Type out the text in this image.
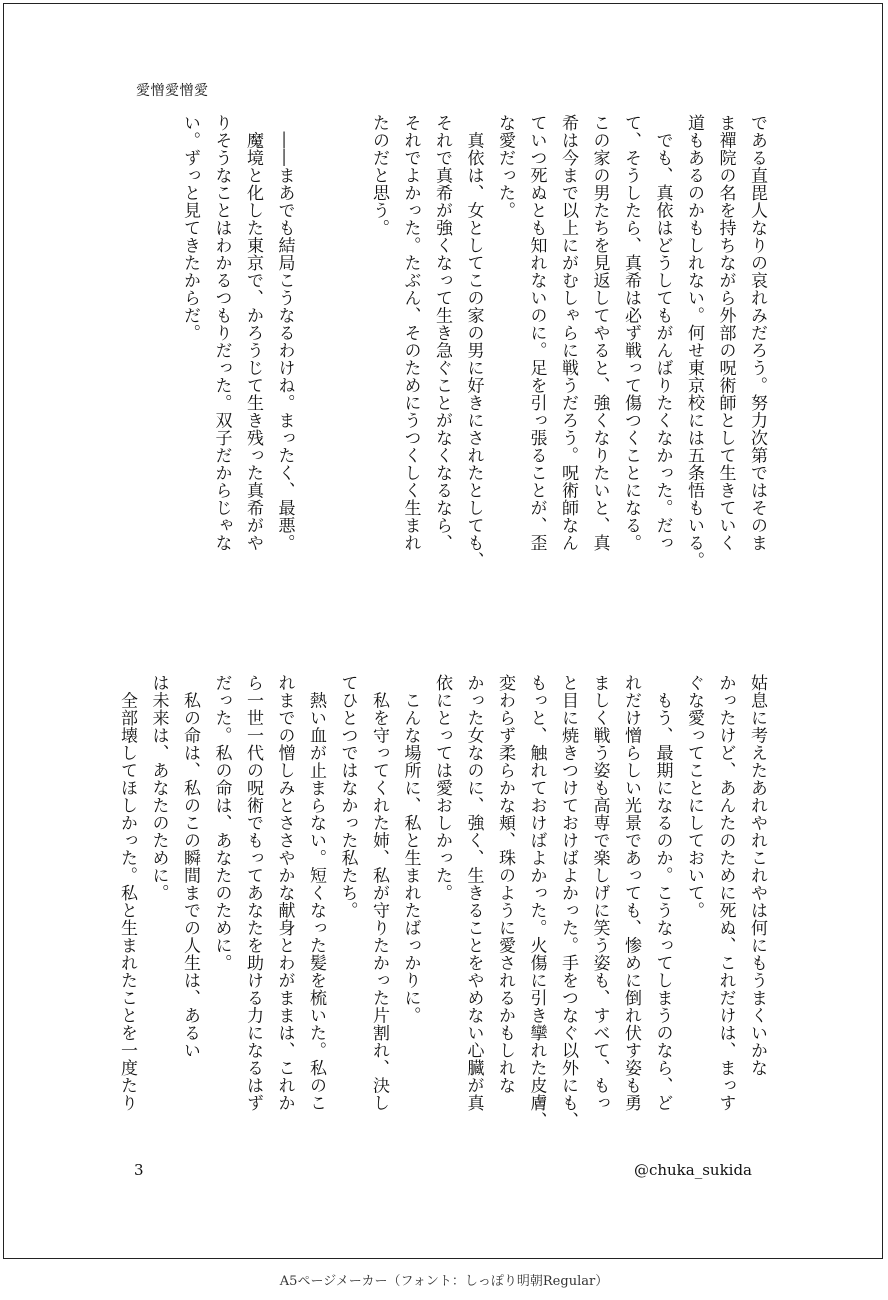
愛憎愛憎愛
である直毘人なりの哀れみだろう。努力次第ではそのま
ま禪院の名を持ちながら外部の呪術師として生きていく
道もあるのかもしれない。何せ東京校には五条悟もいる。
　でも、真依はどうしてもがんばりたくなかった。だっ
て、そうしたら、真希は必ず戦って傷つくことになる。
この家の男たちを見返してやると、強くなりたいと、真
希は今まで以上にがむしゃらに戦うだろう。呪術師なん
ていつ死ぬとも知れないのに。足を引っ張ることが、歪
な愛だった。
　真依は、女としてこの家の男に好きにされたとしても、
それで真希が強くなって生き急ぐことがなくなるなら、
それでよかった。たぶん、そのためにうつくしく生まれ
たのだと思う。

　――まあでも結局こうなるわけね。まったく、最悪。
　魔境と化した東京で、かろうじて生き残った真希がや
りそうなことはわかるつもりだった。双子だからじゃな
い。ずっと見てきたからだ。
姑息に考えたあれやれこれやは何にもうまくいかな
かったけど、あんたのために死ぬ、これだけは、まっす
ぐな愛ってことにしておいて。
　もう、最期になるのか。こうなってしまうのなら、ど
れだけ憎らしい光景であっても、惨めに倒れ伏す姿も勇
ましく戦う姿も高専で楽しげに笑う姿も、すべて、もっ
と目に焼きつけておけばよかった。手をつなぐ以外にも、
もっと、触れておけばよかった。火傷に引き攣れた皮膚、
変わらず柔らかな頬、珠のように愛されるかもしれな
かった女なのに、強く、生きることをやめない心臓が真
依にとっては愛おしかった。
　こんな場所に、私と生まれたばっかりに。
　私を守ってくれた姉、私が守りたかった片割れ、決し
てひとつではなかった私たち。
　熱い血が止まらない。短くなった髪を梳いた。私のこ
れまでの憎しみとささやかな献身とわがままは、これか
ら一世一代の呪術でもってあなたを助ける力になるはず
だった。私の命は、あなたのために。
　私の命は、私のこの瞬間までの人生は、あるい
は未来は、あなたのために。
　全部壊してほしかった。私と生まれたことを一度たり
3	@chuka_sukida
A5ページメーカー（フォント：しっぽり明朝Regular）
